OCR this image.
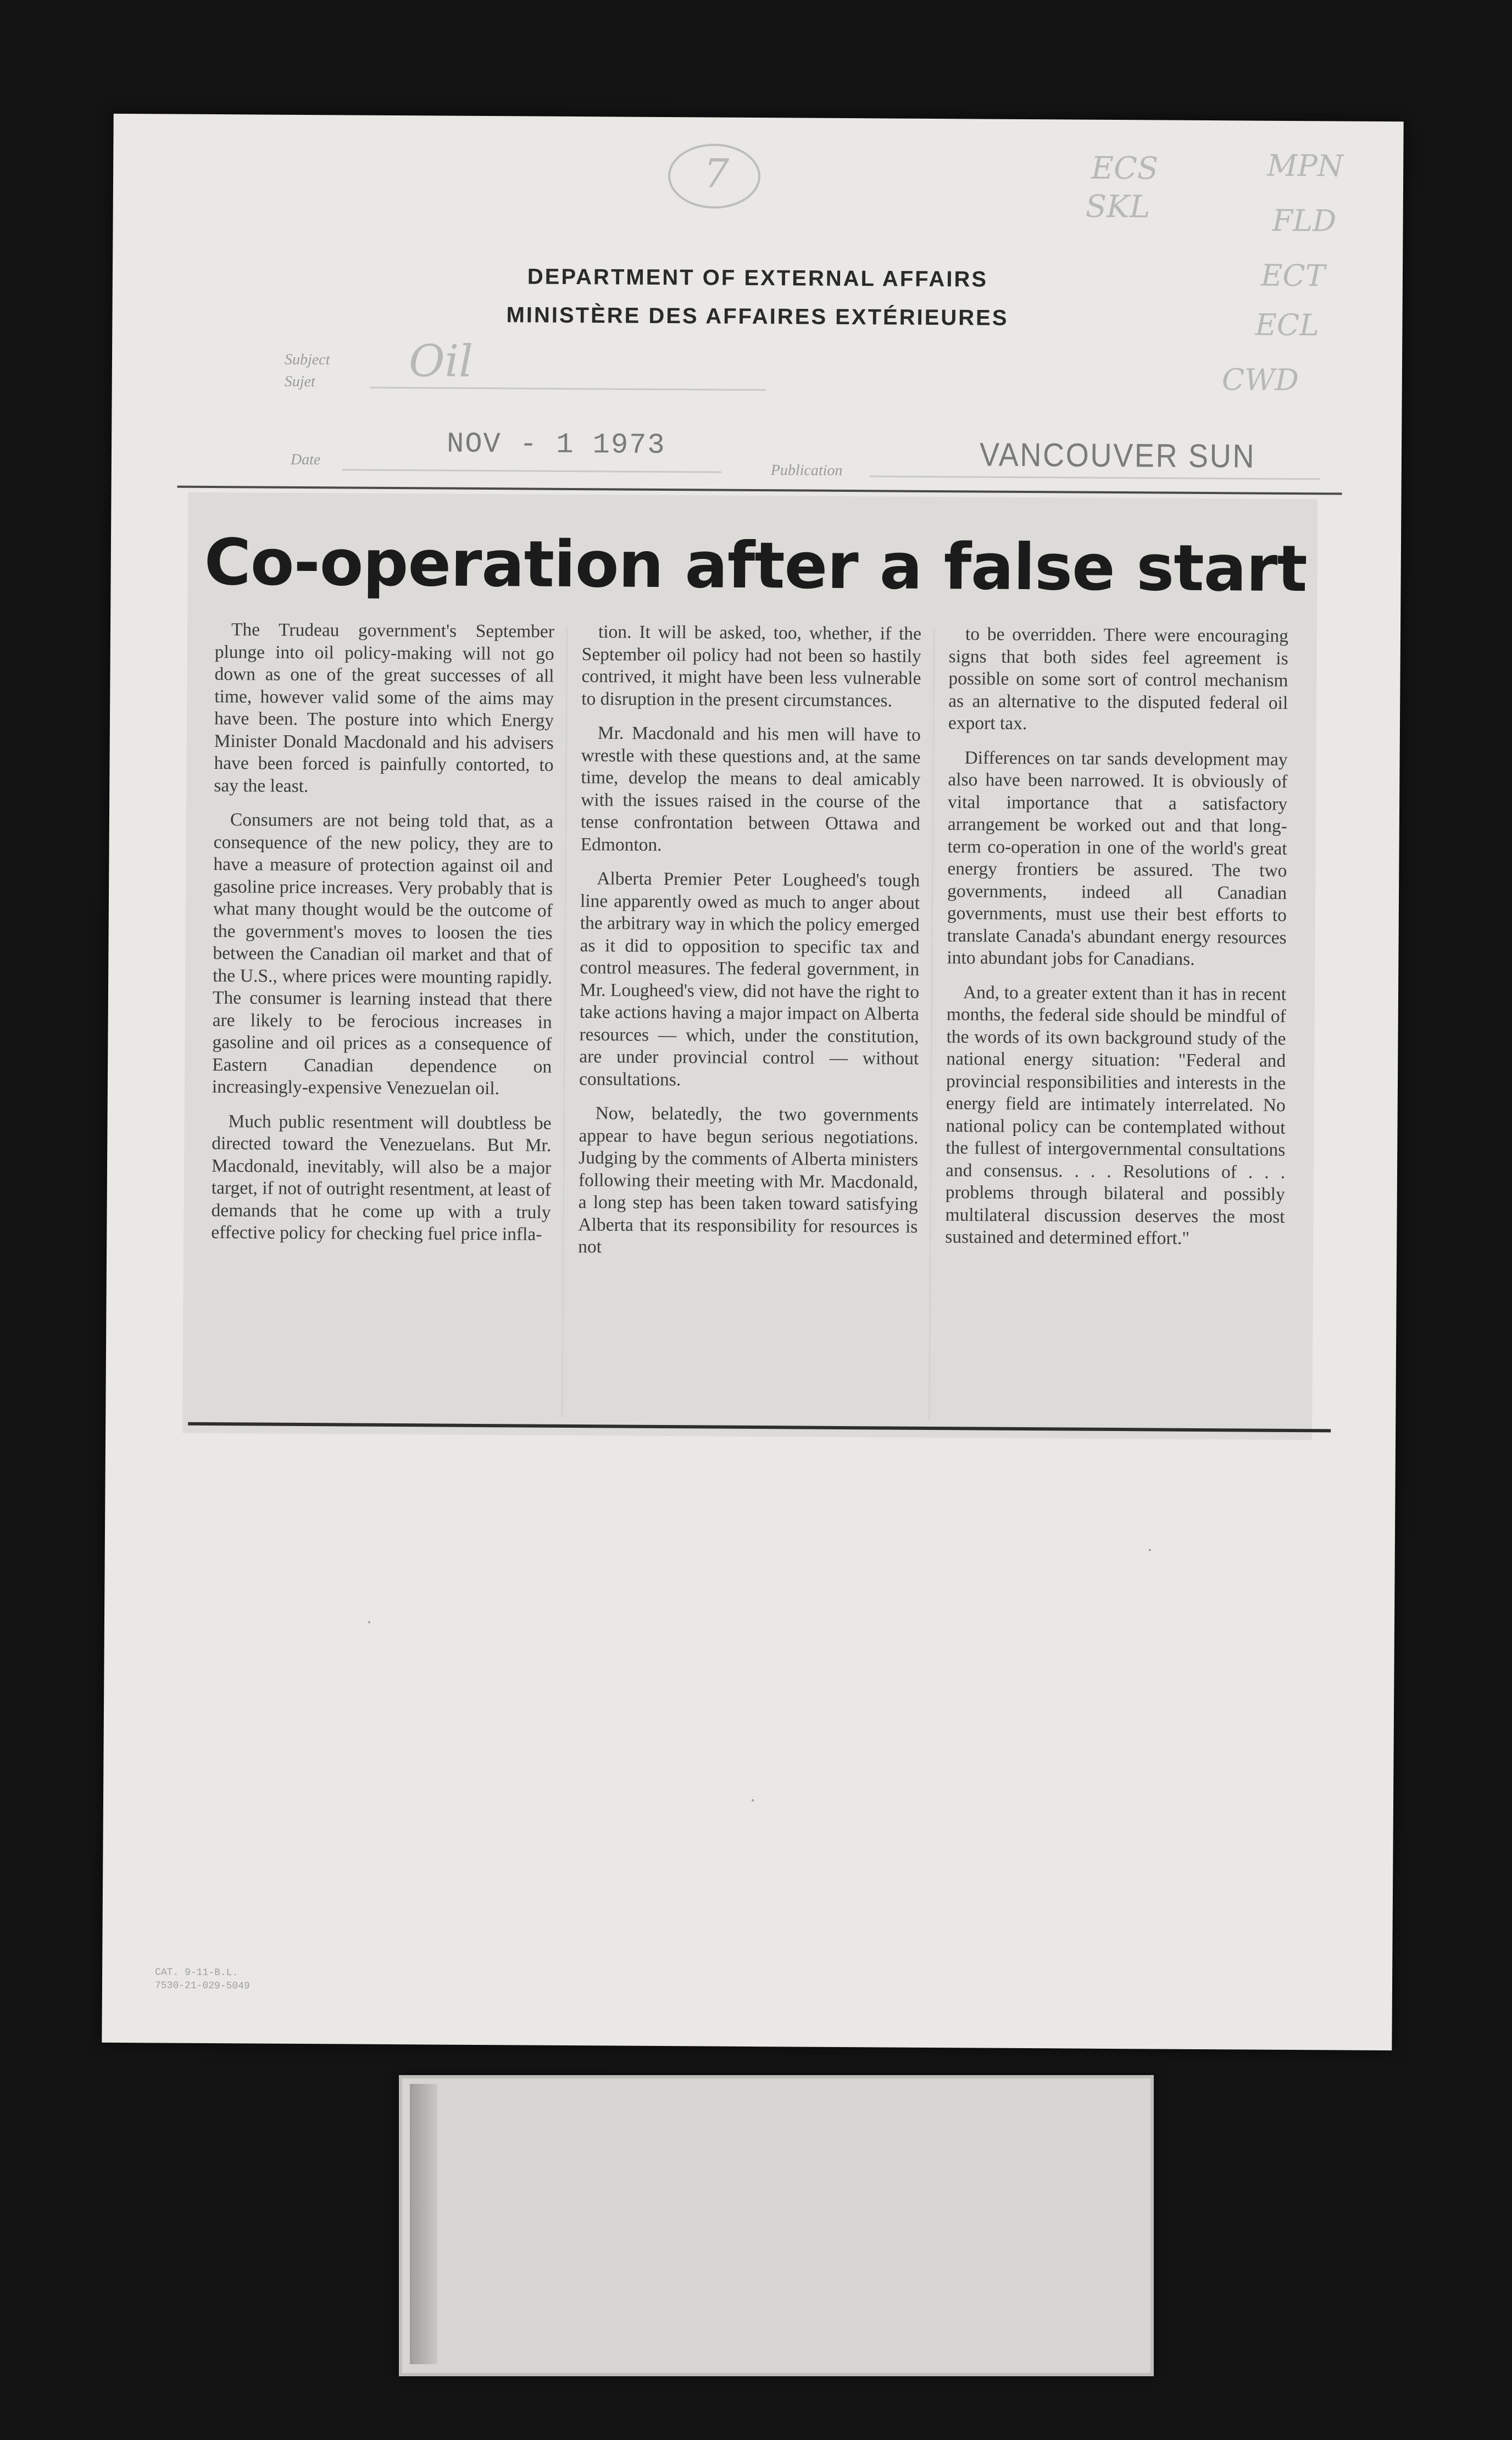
7	ECS
SKL
MPN
FLD
ECT
ECL
CWD
DEPARTMENT OF EXTERNAL AFFAIRS
MINISTÈRE DES AFFAIRES EXTÉRIEURES
Subject
Sujet Oil
Date	NOV - 1 1973
Publication	VANCOUVER SUN
Co-operation after a false start

The Trudeau government's September plunge into oil policy-making will not go down as one of the great successes of all time, however valid some of the aims may have been. The posture into which Energy Minister Donald Macdonald and his advisers have been forced is painfully contorted, to say the least.

Consumers are not being told that, as a consequence of the new policy, they are to have a measure of protection against oil and gasoline price increases. Very probably that is what many thought would be the outcome of the government's moves to loosen the ties between the Canadian oil market and that of the U.S., where prices were mounting rapidly. The consumer is learning instead that there are likely to be ferocious increases in gasoline and oil prices as a consequence of Eastern Canadian dependence on increasingly-expensive Venezuelan oil.

Much public resentment will doubtless be directed toward the Venezuelans. But Mr. Macdonald, inevitably, will also be a major target, if not of outright resentment, at least of demands that he come up with a truly effective policy for checking fuel price infla-

tion. It will be asked, too, whether, if the September oil policy had not been so hastily contrived, it might have been less vulnerable to disruption in the present circumstances.

Mr. Macdonald and his men will have to wrestle with these questions and, at the same time, develop the means to deal amicably with the issues raised in the course of the tense confrontation between Ottawa and Edmonton.

Alberta Premier Peter Lougheed's tough line apparently owed as much to anger about the arbitrary way in which the policy emerged as it did to opposition to specific tax and control measures. The federal government, in Mr. Lougheed's view, did not have the right to take actions having a major impact on Alberta resources — which, under the constitution, are under provincial control — without consultations.

Now, belatedly, the two governments appear to have begun serious negotiations. Judging by the comments of Alberta ministers following their meeting with Mr. Macdonald, a long step has been taken toward satisfying Alberta that its responsibility for resources is not

to be overridden. There were encouraging signs that both sides feel agreement is possible on some sort of control mechanism as an alternative to the disputed federal oil export tax.

Differences on tar sands development may also have been narrowed. It is obviously of vital importance that a satisfactory arrangement be worked out and that long-term co-operation in one of the world's great energy frontiers be assured. The two governments, indeed all Canadian governments, must use their best efforts to translate Canada's abundant energy resources into abundant jobs for Canadians.

And, to a greater extent than it has in recent months, the federal side should be mindful of the words of its own background study of the national energy situation: "Federal and provincial responsibilities and interests in the energy field are intimately interrelated. No national policy can be contemplated without the fullest of intergovernmental consultations and consensus. . . . Resolutions of . . . problems through bilateral and possibly multilateral discussion deserves the most sustained and determined effort."

CAT. 9-11-B.L.
7530-21-029-5049
